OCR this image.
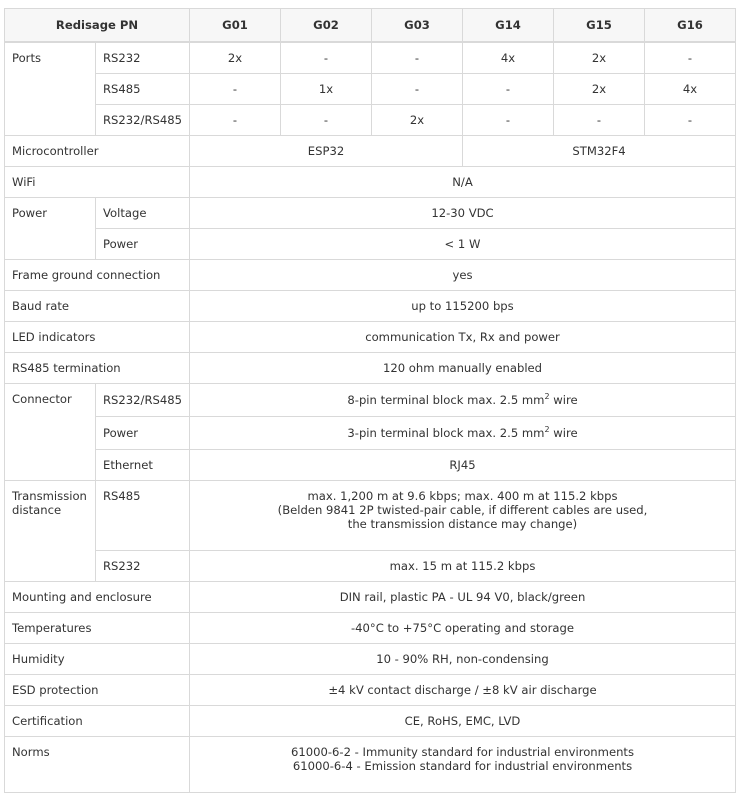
Redisage PN		G01	G02	G03	G14	G15	G16
Ports	RS232	2x	-	-	4x	2x	-
	RS485	-	1x	-	-	2x	4x
	RS232/RS485	-	-	2x	-	-	-
Microcontroller		ESP32			STM32F4		
WiFi		N/A					
Power	Voltage	12-30 VDC					
	Power	< 1 W					
Frame ground connection		yes					
Baud rate		up to 115200 bps					
LED indicators		communication Tx, Rx and power					
RS485 termination		120 ohm manually enabled					
Connector	RS232/RS485	8-pin terminal block max. 2.5 $mm^2$ wire					
	Power	3-pin terminal block max. 2.5 $mm^2$ wire					
	Ethernet	RJ45					
Transmission
distance	RS485	max. 1,200 m at 9.6 kbps; max. 400 m at 115.2 kbps
(Belden 9841 2P twisted-pair cable, if different cables are used,
the transmission distance may change)					
	RS232	max. 15 m at 115.2 kbps					
Mounting and enclosure		DIN rail, plastic PA - UL 94 V0, black/green					
Temperatures		-40°C to +75°C operating and storage					
Humidity		10 - 90% RH, non-condensing					
ESD protection		±4 kV contact discharge / ±8 kV air discharge					
Certification		CE, RoHS, EMC, LVD					
Norms		61000-6-2 - Immunity standard for industrial environments
61000-6-4 - Emission standard for industrial environments					
